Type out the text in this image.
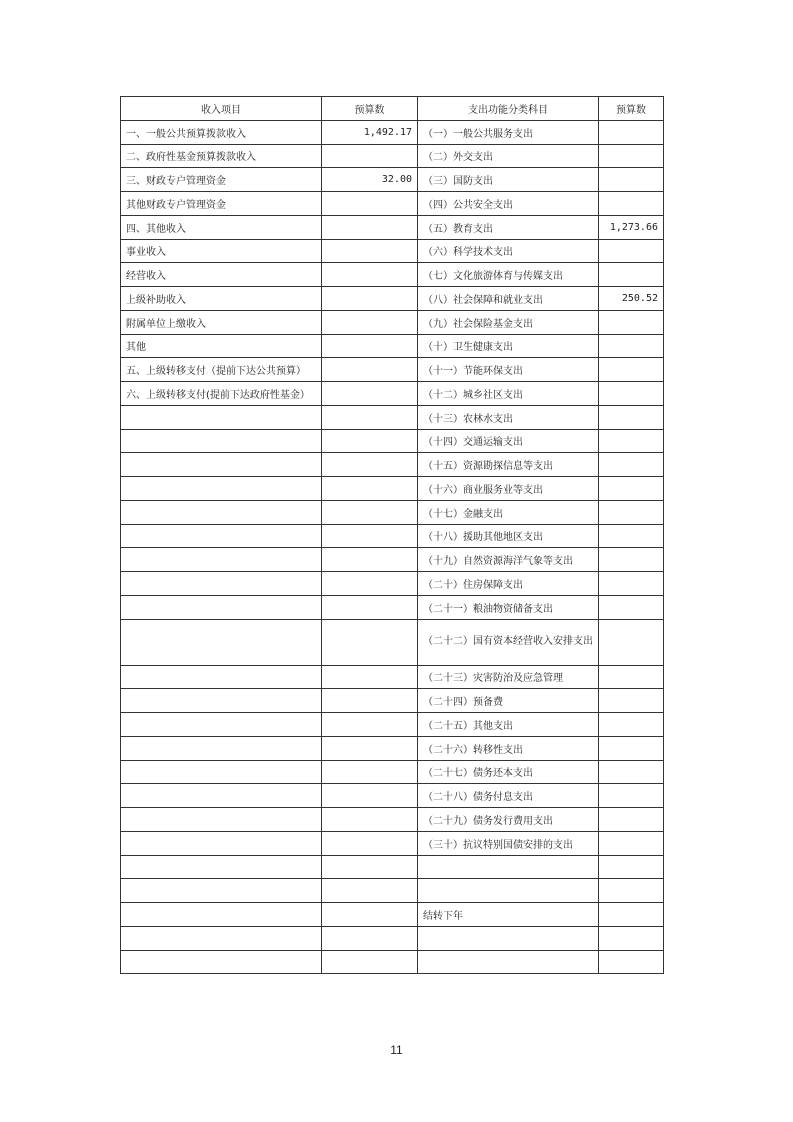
收入项目	预算数	支出功能分类科目	预算数
一、一般公共预算拨款收入	1,492.17	（一）一般公共服务支出	
二、政府性基金预算拨款收入		（二）外交支出	
三、财政专户管理资金	32.00	（三）国防支出	
其他财政专户管理资金		（四）公共安全支出	
四、其他收入		（五）教育支出	1,273.66
事业收入		（六）科学技术支出	
经营收入		（七）文化旅游体育与传媒支出	
上级补助收入		（八）社会保障和就业支出	250.52
附属单位上缴收入		（九）社会保险基金支出	
其他		（十）卫生健康支出	
五、上级转移支付（提前下达公共预算）		（十一）节能环保支出	
六、上级转移支付(提前下达政府性基金）		（十二）城乡社区支出	
		（十三）农林水支出	
		（十四）交通运输支出	
		（十五）资源勘探信息等支出	
		（十六）商业服务业等支出	
		（十七）金融支出	
		（十八）援助其他地区支出	
		（十九）自然资源海洋气象等支出	
		（二十）住房保障支出	
		（二十一）粮油物资储备支出	
		（二十二）国有资本经营收入安排支出	
		（二十三）灾害防治及应急管理	
		（二十四）预备费	
		（二十五）其他支出	
		（二十六）转移性支出	
		（二十七）债务还本支出	
		（二十八）债务付息支出	
		（二十九）债务发行费用支出	
		（三十）抗议特别国债安排的支出	

		结转下年	

11
